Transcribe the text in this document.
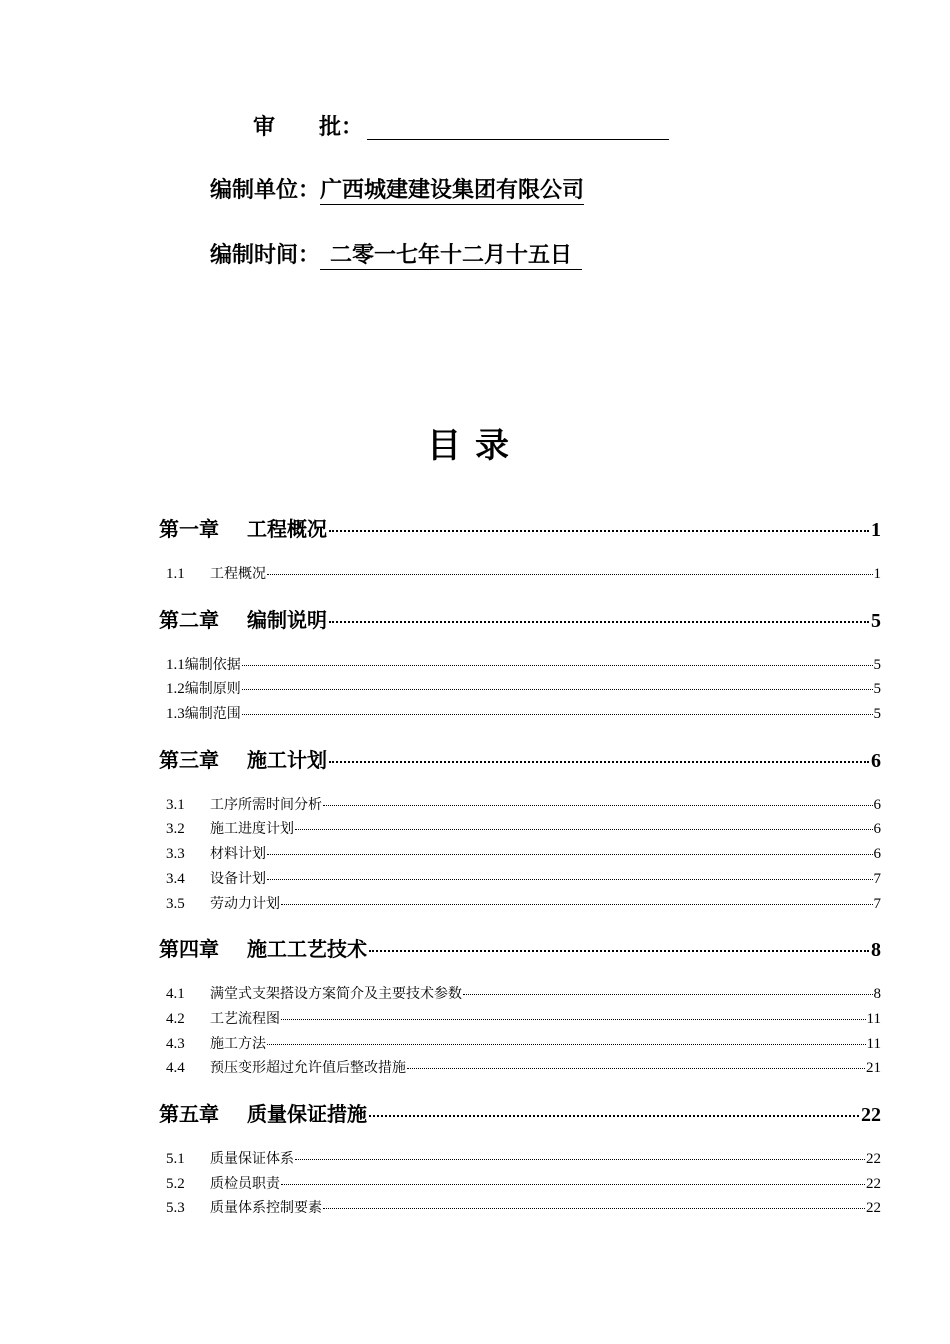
审　　批：
编制单位：广西城建建设集团有限公司
编制时间： 二零一七年十二月十五日
目录
第一章	工程概况	1
1.1	工程概况	1
第二章	编制说明	5
1.1 编制依据	5
1.2 编制原则	5
1.3 编制范围	5
第三章	施工计划	6
3.1	工序所需时间分析	6
3.2	施工进度计划	6
3.3	材料计划	6
3.4	设备计划	7
3.5	劳动力计划	7
第四章	施工工艺技术	8
4.1	满堂式支架搭设方案简介及主要技术参数	8
4.2	工艺流程图	11
4.3	施工方法	11
4.4	预压变形超过允许值后整改措施	21
第五章	质量保证措施	22
5.1	质量保证体系	22
5.2	质检员职责	22
5.3	质量体系控制要素	22
